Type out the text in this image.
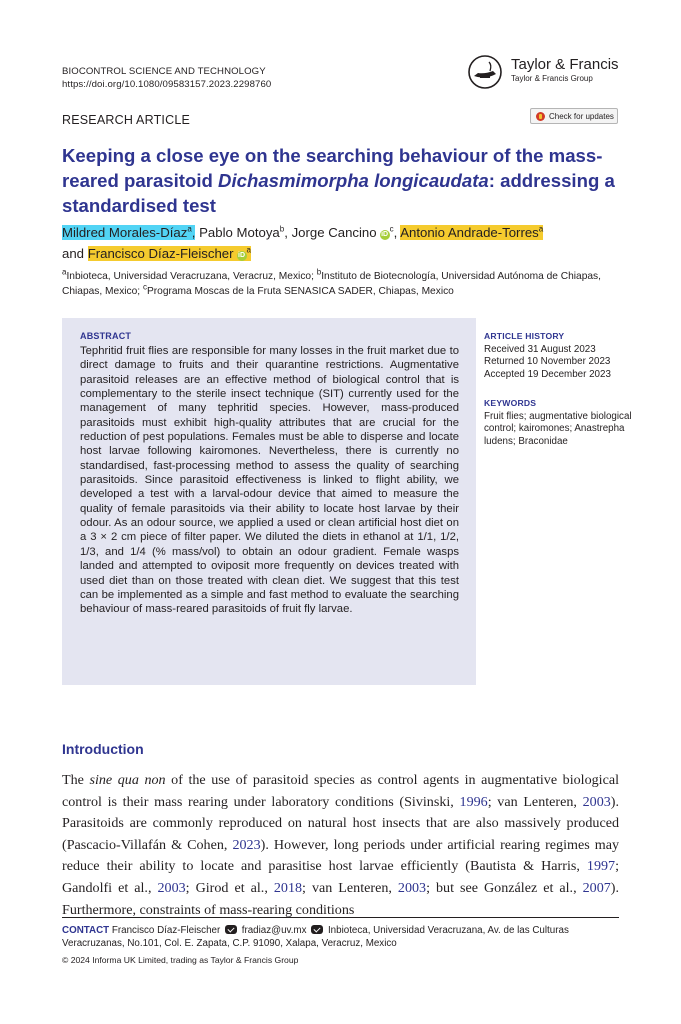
BIOCONTROL SCIENCE AND TECHNOLOGY
https://doi.org/10.1080/09583157.2023.2298760
Taylor & Francis
Taylor & Francis Group
RESEARCH ARTICLE	Check for updates
Keeping a close eye on the searching behaviour of the mass-reared parasitoid Dichasmimorpha longicaudata: addressing a standardised test
Mildred Morales-Díaz$^a$, Pablo Motoya$^b$, Jorge Cancino $iD^c$, Antonio Andrade-Torres$^a$
and Francisco Díaz-Fleischer $iD^a$
$^a$Inbioteca, Universidad Veracruzana, Veracruz, Mexico; $^b$Instituto de Biotecnología, Universidad Autónoma de Chiapas, Chiapas, Mexico; $^c$Programa Moscas de la Fruta SENASICA SADER, Chiapas, Mexico
ABSTRACT
Tephritid fruit flies are responsible for many losses in the fruit market due to direct damage to fruits and their quarantine restrictions. Augmentative parasitoid releases are an effective method of biological control that is complementary to the sterile insect technique (SIT) currently used for the management of many tephritid species. However, mass-produced parasitoids must exhibit high-quality attributes that are crucial for the reduction of pest populations. Females must be able to disperse and locate host larvae following kairomones. Nevertheless, there is currently no standardised, fast-processing method to assess the quality of searching parasitoids. Since parasitoid effectiveness is linked to flight ability, we developed a test with a larval-odour device that aimed to measure the quality of female parasitoids via their ability to locate host larvae by their odour. As an odour source, we applied a used or clean artificial host diet on a 3 × 2 cm piece of filter paper. We diluted the diets in ethanol at 1/1, 1/2, 1/3, and 1/4 (% mass/vol) to obtain an odour gradient. Female wasps landed and attempted to oviposit more frequently on devices treated with used diet than on those treated with clean diet. We suggest that this test can be implemented as a simple and fast method to evaluate the searching behaviour of mass-reared parasitoids of fruit fly larvae.
ARTICLE HISTORY
Received 31 August 2023
Returned 10 November 2023
Accepted 19 December 2023
KEYWORDS
Fruit flies; augmentative biological control; kairomones; Anastrepha ludens; Braconidae
Introduction
The sine qua non of the use of parasitoid species as control agents in augmentative biological control is their mass rearing under laboratory conditions (Sivinski, 1996; van Lenteren, 2003). Parasitoids are commonly reproduced on natural host insects that are also massively produced (Pascacio-Villafán & Cohen, 2023). However, long periods under artificial rearing regimes may reduce their ability to locate and parasitise host larvae efficiently (Bautista & Harris, 1997; Gandolfi et al., 2003; Girod et al., 2018; van Lenteren, 2003; but see González et al., 2007). Furthermore, constraints of mass-rearing conditions
CONTACT Francisco Díaz-Fleischer fradiaz@uv.mx Inbioteca, Universidad Veracruzana, Av. de las Culturas Veracruzanas, No.101, Col. E. Zapata, C.P. 91090, Xalapa, Veracruz, Mexico
© 2024 Informa UK Limited, trading as Taylor & Francis Group
